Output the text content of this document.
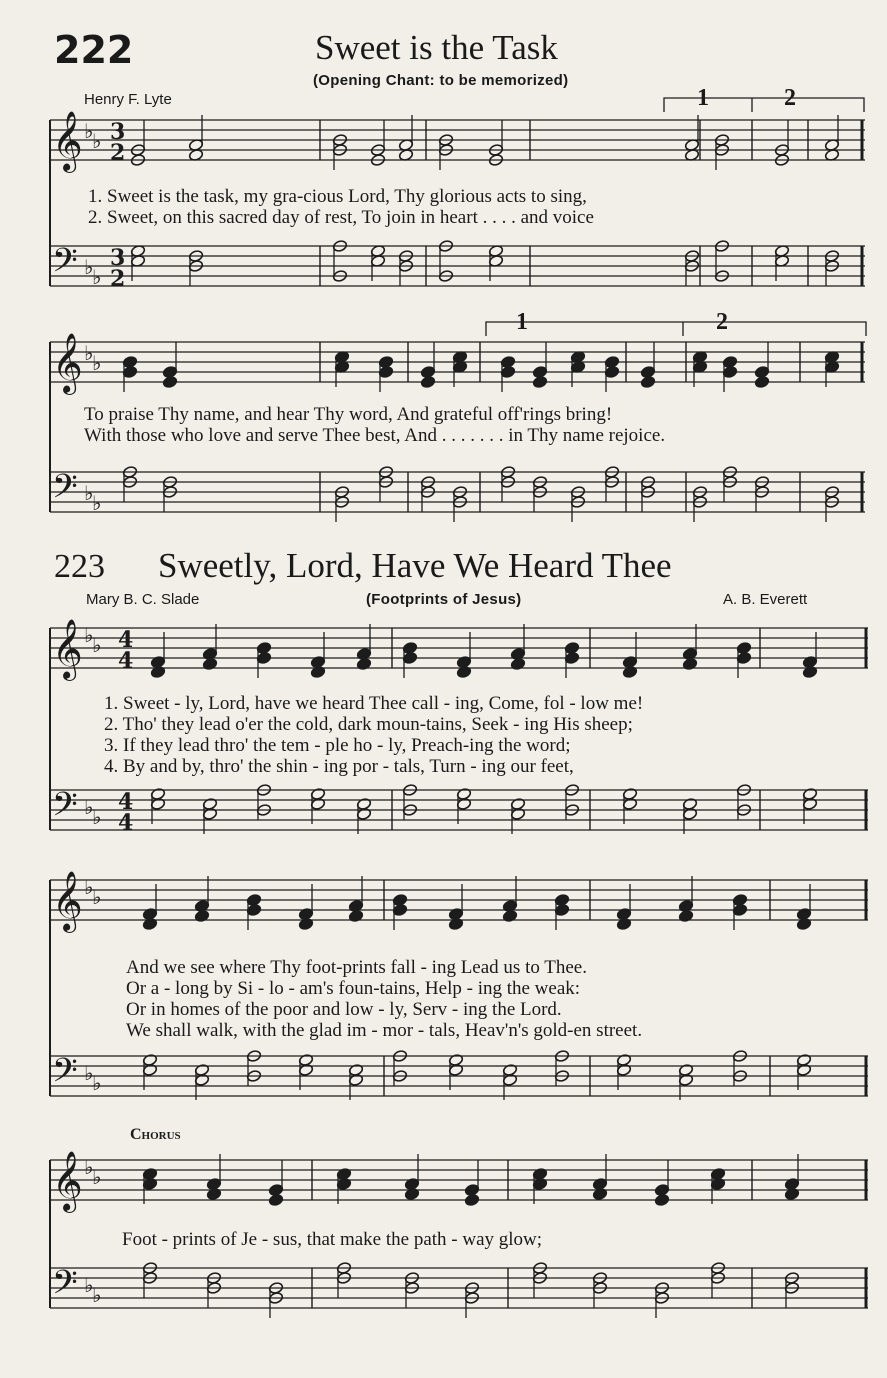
222	Sweet is the Task
(Opening Chant: to be memorized)
Henry F. Lyte	1	2
1	2
1. Sweet is the task, my gra-cious Lord, Thy glorious acts to sing,
2. Sweet, on this sacred day of rest, To join in heart . . . . and voice
To praise Thy name, and hear Thy word, And grateful off'rings bring!
With those who love and serve Thee best, And . . . . . . . in Thy name rejoice.
223 Sweetly, Lord, Have We Heard Thee
Mary B. C. Slade	(Footprints of Jesus)	A. B. Everett
1. Sweet - ly, Lord, have we heard Thee call - ing, Come, fol - low me!
2. Tho' they lead o'er the cold, dark moun-tains, Seek - ing His sheep;
3. If they lead thro' the tem - ple ho - ly, Preach-ing the word;
4. By and by, thro' the shin - ing por - tals, Turn - ing our feet,
And we see where Thy foot-prints fall - ing Lead us to Thee.
Or a - long by Si - lo - am's foun-tains, Help - ing the weak:
Or in homes of the poor and low - ly, Serv - ing the Lord.
We shall walk, with the glad im - mor - tals, Heav'n's gold-en street.
Chorus
Foot - prints of Je - sus, that make the path - way glow;
𝄞
𝄢
♭
♭
♭
♭
3
2
3
2
𝄞
𝄢
♭
♭
♭
♭
𝄞
𝄢
♭
♭
♭
♭
4
4
4
4
𝄞
𝄢
♭
♭
♭
♭
𝄞
𝄢
♭
♭
♭
♭
